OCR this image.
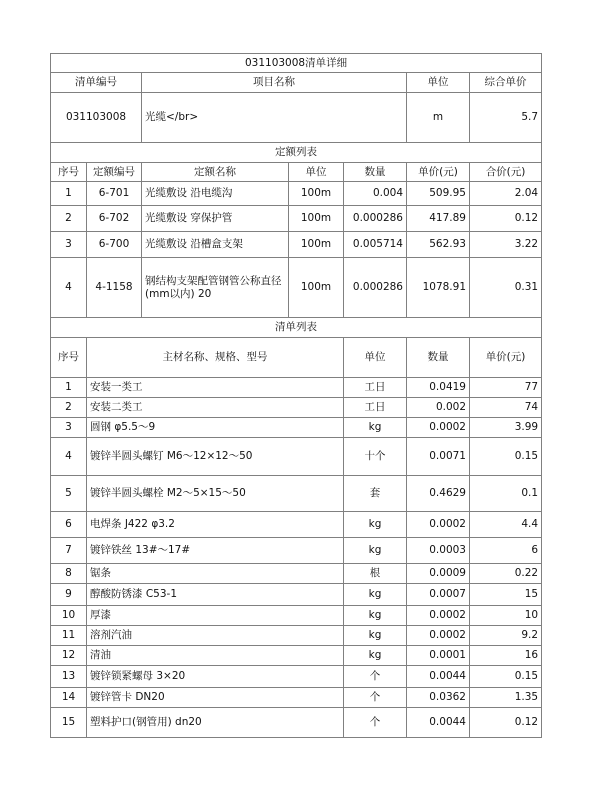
031103008清单详细							
清单编号		项目名称			单位	综合单价	
031103008		光缆</br>			m	5.7	
定额列表							
序号	定额编号	定额名称	单位	数量	单价(元)	合价(元)	
1	6-701	光缆敷设 沿电缆沟	100m	0.004	509.95	2.04	
2	6-702	光缆敷设 穿保护管	100m	0.000286	417.89	0.12	
3	6-700	光缆敷设 沿槽盒支架	100m	0.005714	562.93	3.22	
4	4-1158	钢结构支架配管钢管公称直径(mm以内) 20	100m	0.000286	1078.91	0.31	
清单列表							
序号	主材名称、规格、型号			单位	数量	单价(元)	
1	安装一类工			工日	0.0419	77	
2	安装二类工			工日	0.002	74	
3	圆钢 φ5.5～9			kg	0.0002	3.99	
4	镀锌半圆头螺钉 M6～12×12～50			十个	0.0071	0.15	
5	镀锌半圆头螺栓 M2～5×15～50			套	0.4629	0.1	
6	电焊条 J422 φ3.2			kg	0.0002	4.4	
7	镀锌铁丝 13#～17#			kg	0.0003	6	
8	锯条			根	0.0009	0.22	
9	醇酸防锈漆 C53-1			kg	0.0007	15	
10	厚漆			kg	0.0002	10	
11	溶剂汽油			kg	0.0002	9.2	
12	清油			kg	0.0001	16	
13	镀锌锁紧螺母 3×20			个	0.0044	0.15	
14	镀锌管卡 DN20			个	0.0362	1.35	
15	塑料护口(钢管用) dn20			个	0.0044	0.12	
